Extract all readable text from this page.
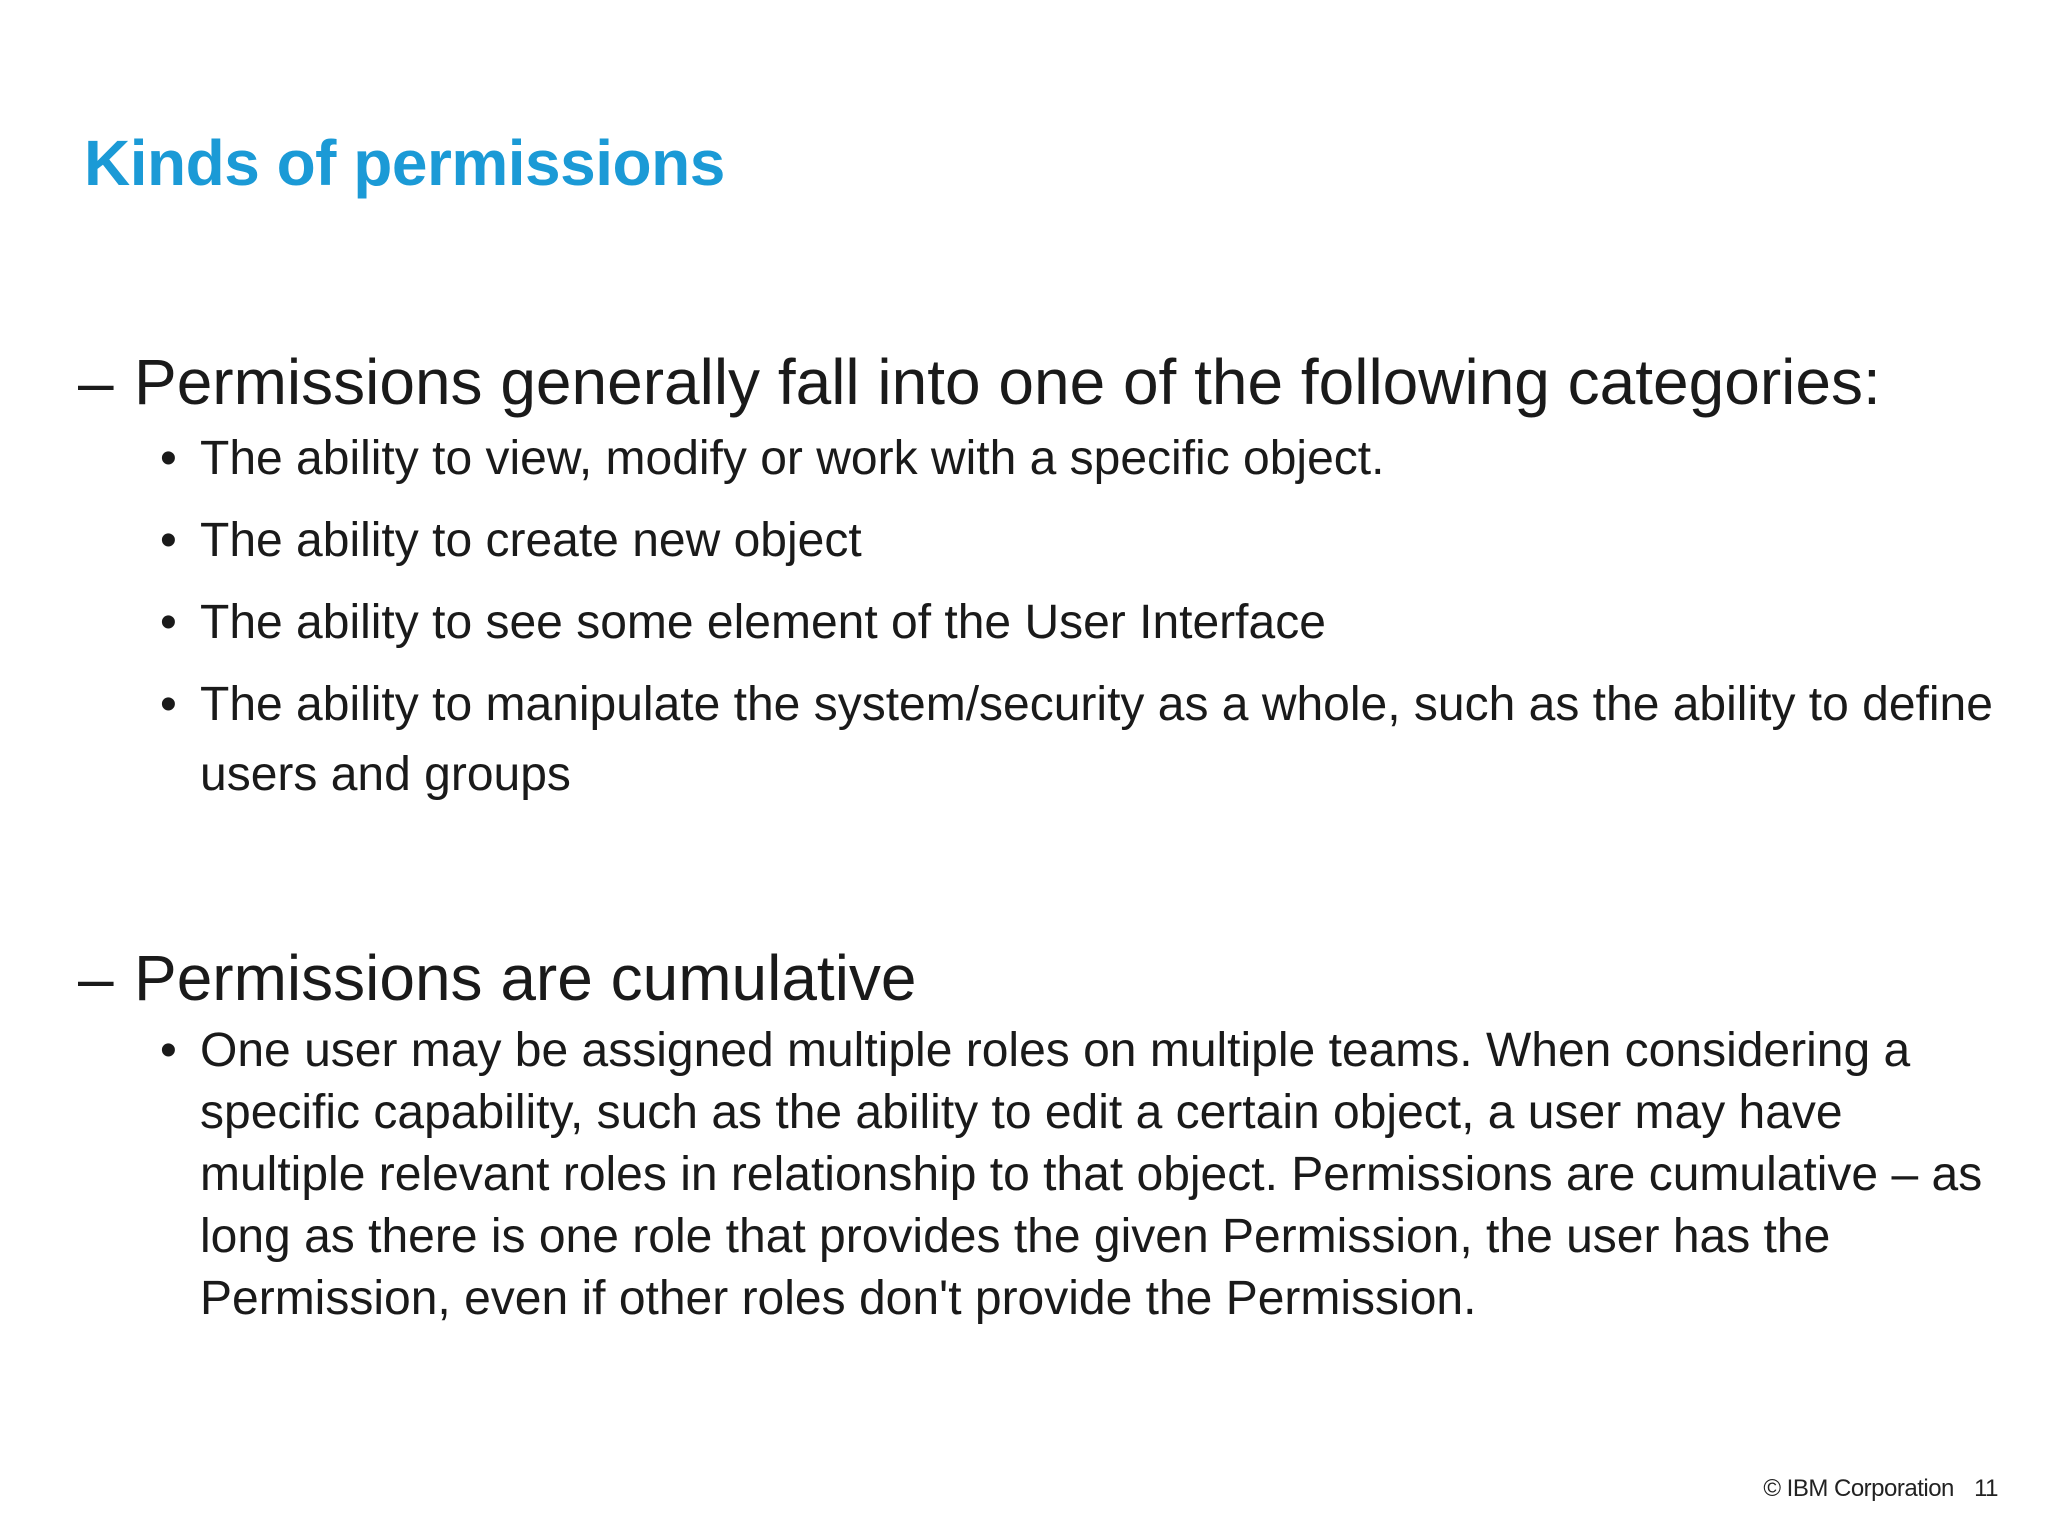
Kinds of permissions
– Permissions generally fall into one of the following categories:
• The ability to view, modify or work with a specific object.
• The ability to create new object
• The ability to see some element of the User Interface
• The ability to manipulate the system/security as a whole, such as the ability to define users and groups
– Permissions are cumulative
• One user may be assigned multiple roles on multiple teams. When considering a specific capability, such as the ability to edit a certain object, a user may have multiple relevant roles in relationship to that object. Permissions are cumulative – as long as there is one role that provides the given Permission, the user has the Permission, even if other roles don't provide the Permission.
© IBM Corporation 11
